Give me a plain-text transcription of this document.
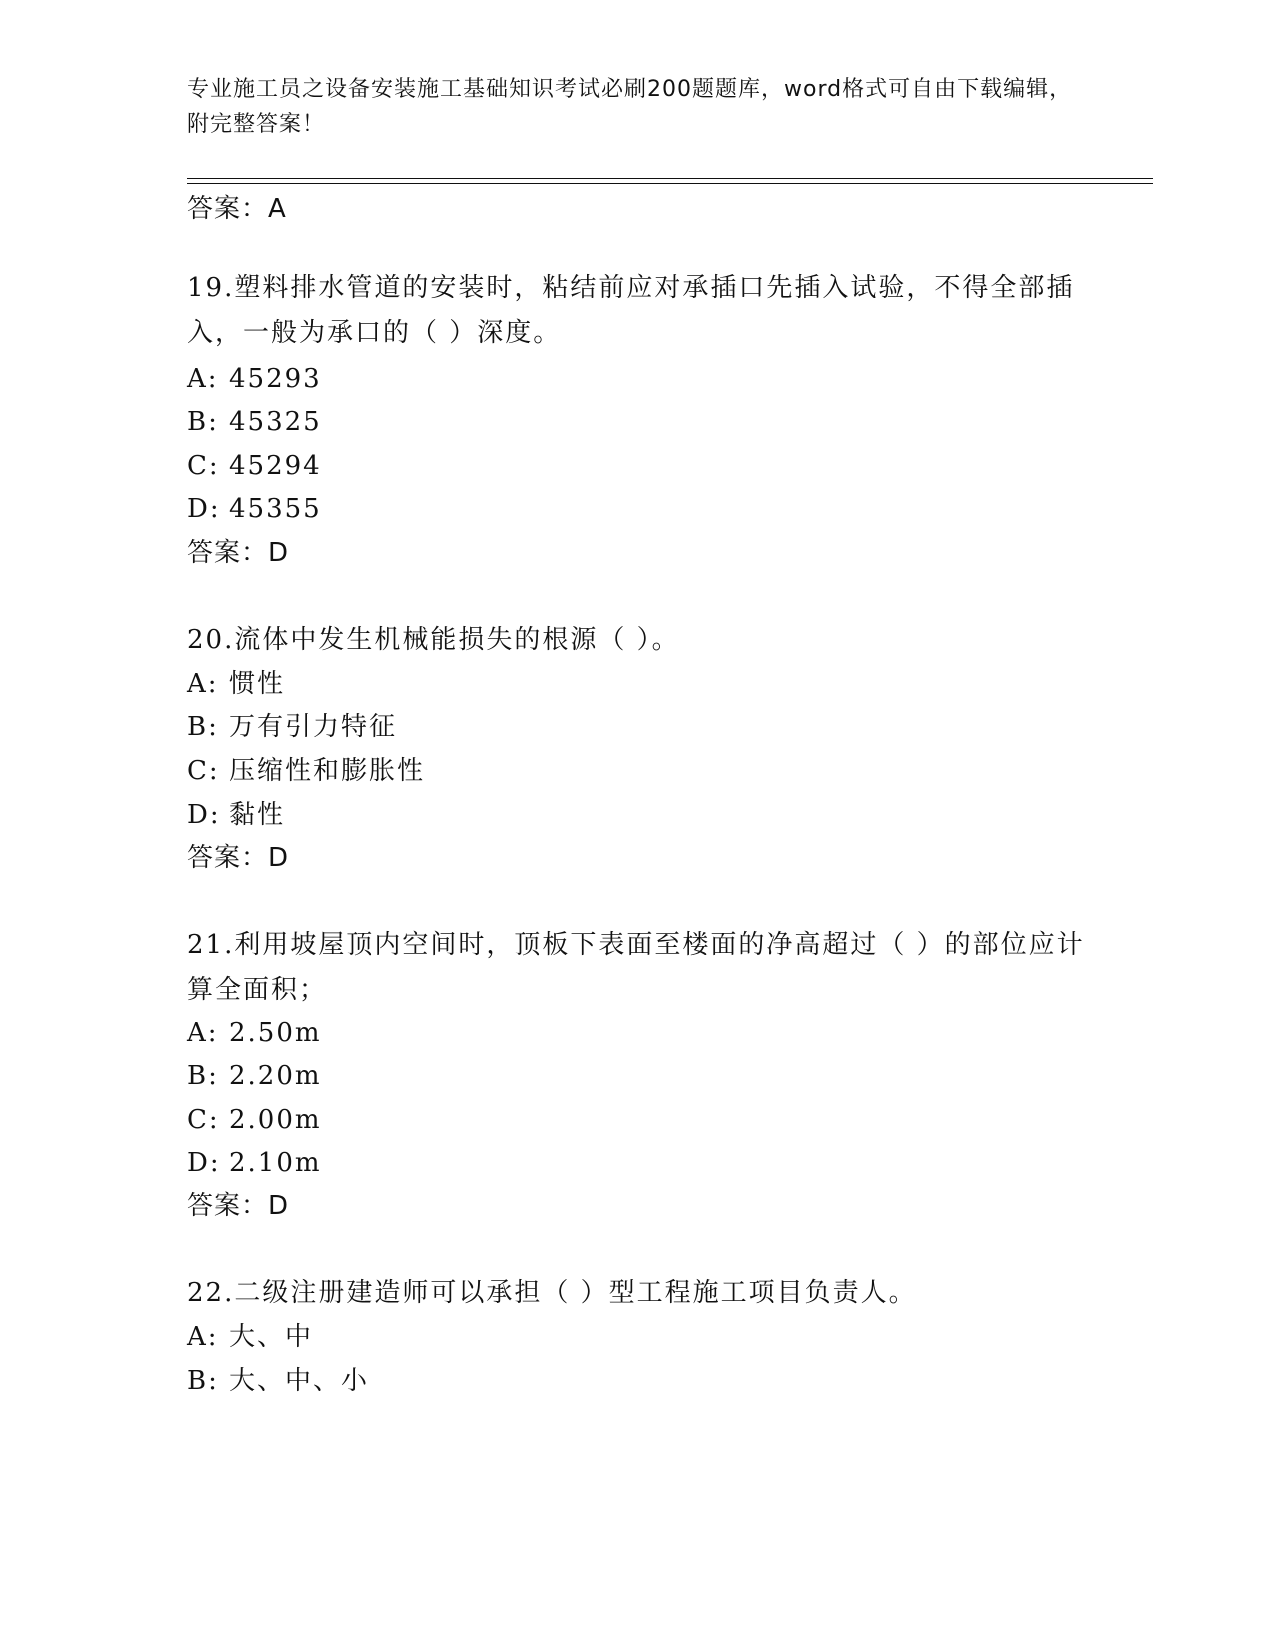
专业施工员之设备安装施工基础知识考试必刷200题题库，word格式可自由下载编辑，附完整答案！
答案：A
19.塑料排水管道的安装时，粘结前应对承插口先插入试验，不得全部插入，一般为承口的（ ）深度。
A: 45293
B: 45325
C: 45294
D: 45355
答案：D
20.流体中发生机械能损失的根源（ ）。
A: 惯性
B: 万有引力特征
C: 压缩性和膨胀性
D: 黏性
答案：D
21.利用坡屋顶内空间时，顶板下表面至楼面的净高超过（ ）的部位应计算全面积；
A: 2.50m
B: 2.20m
C: 2.00m
D: 2.10m
答案：D
22.二级注册建造师可以承担（ ）型工程施工项目负责人。
A: 大、中
B: 大、中、小
